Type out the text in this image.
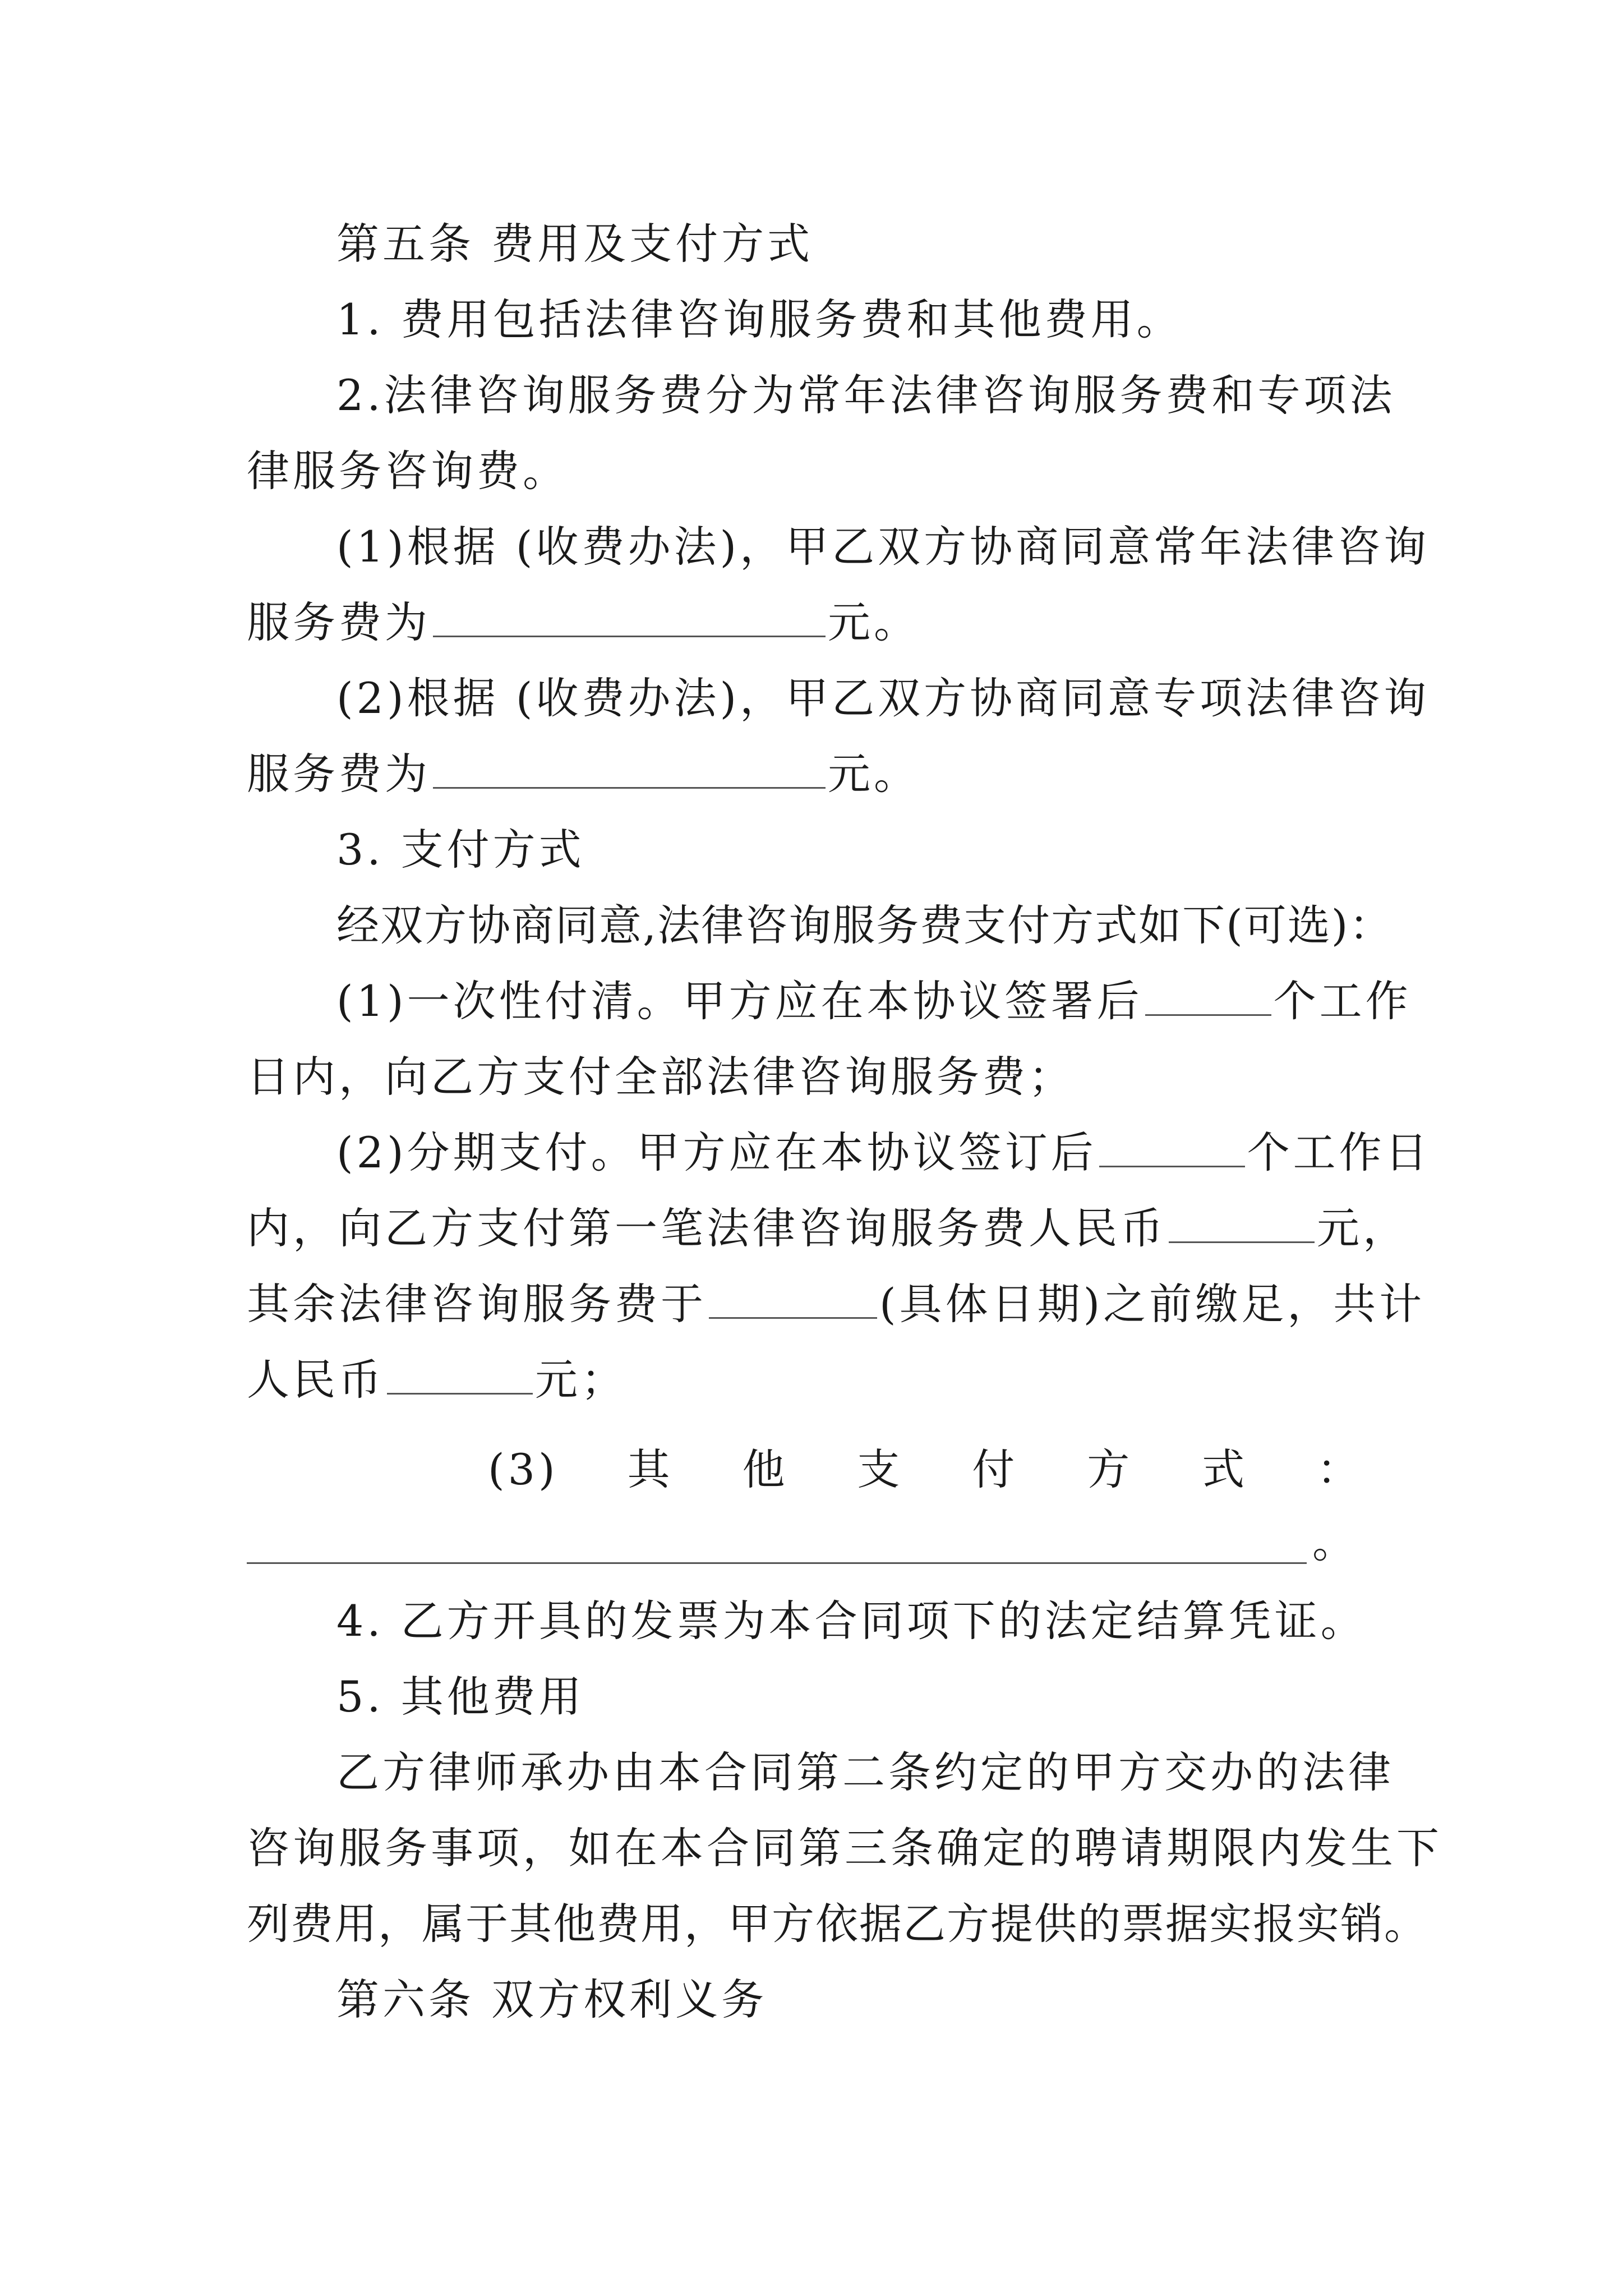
第五条 费用及支付方式
1. 费用包括法律咨询服务费和其他费用。
2.法律咨询服务费分为常年法律咨询服务费和专项法
律服务咨询费。
(1)根据 (收费办法)，甲乙双方协商同意常年法律咨询
服务费为	元。
(2)根据 (收费办法)，甲乙双方协商同意专项法律咨询
服务费为	元。
3. 支付方式
经双方协商同意,法律咨询服务费支付方式如下(可选)：
(1)一次性付清。甲方应在本协议签署后	个工作
日内，向乙方支付全部法律咨询服务费；
(2)分期支付。甲方应在本协议签订后	个工作日
内，向乙方支付第一笔法律咨询服务费人民币	元，
其余法律咨询服务费于	(具体日期)之前缴足，共计
人民币	元；
(3) 其 他 支 付 方 式 ：
。
4. 乙方开具的发票为本合同项下的法定结算凭证。
5. 其他费用
乙方律师承办由本合同第二条约定的甲方交办的法律
咨询服务事项，如在本合同第三条确定的聘请期限内发生下
列费用，属于其他费用，甲方依据乙方提供的票据实报实销。
第六条 双方权利义务
